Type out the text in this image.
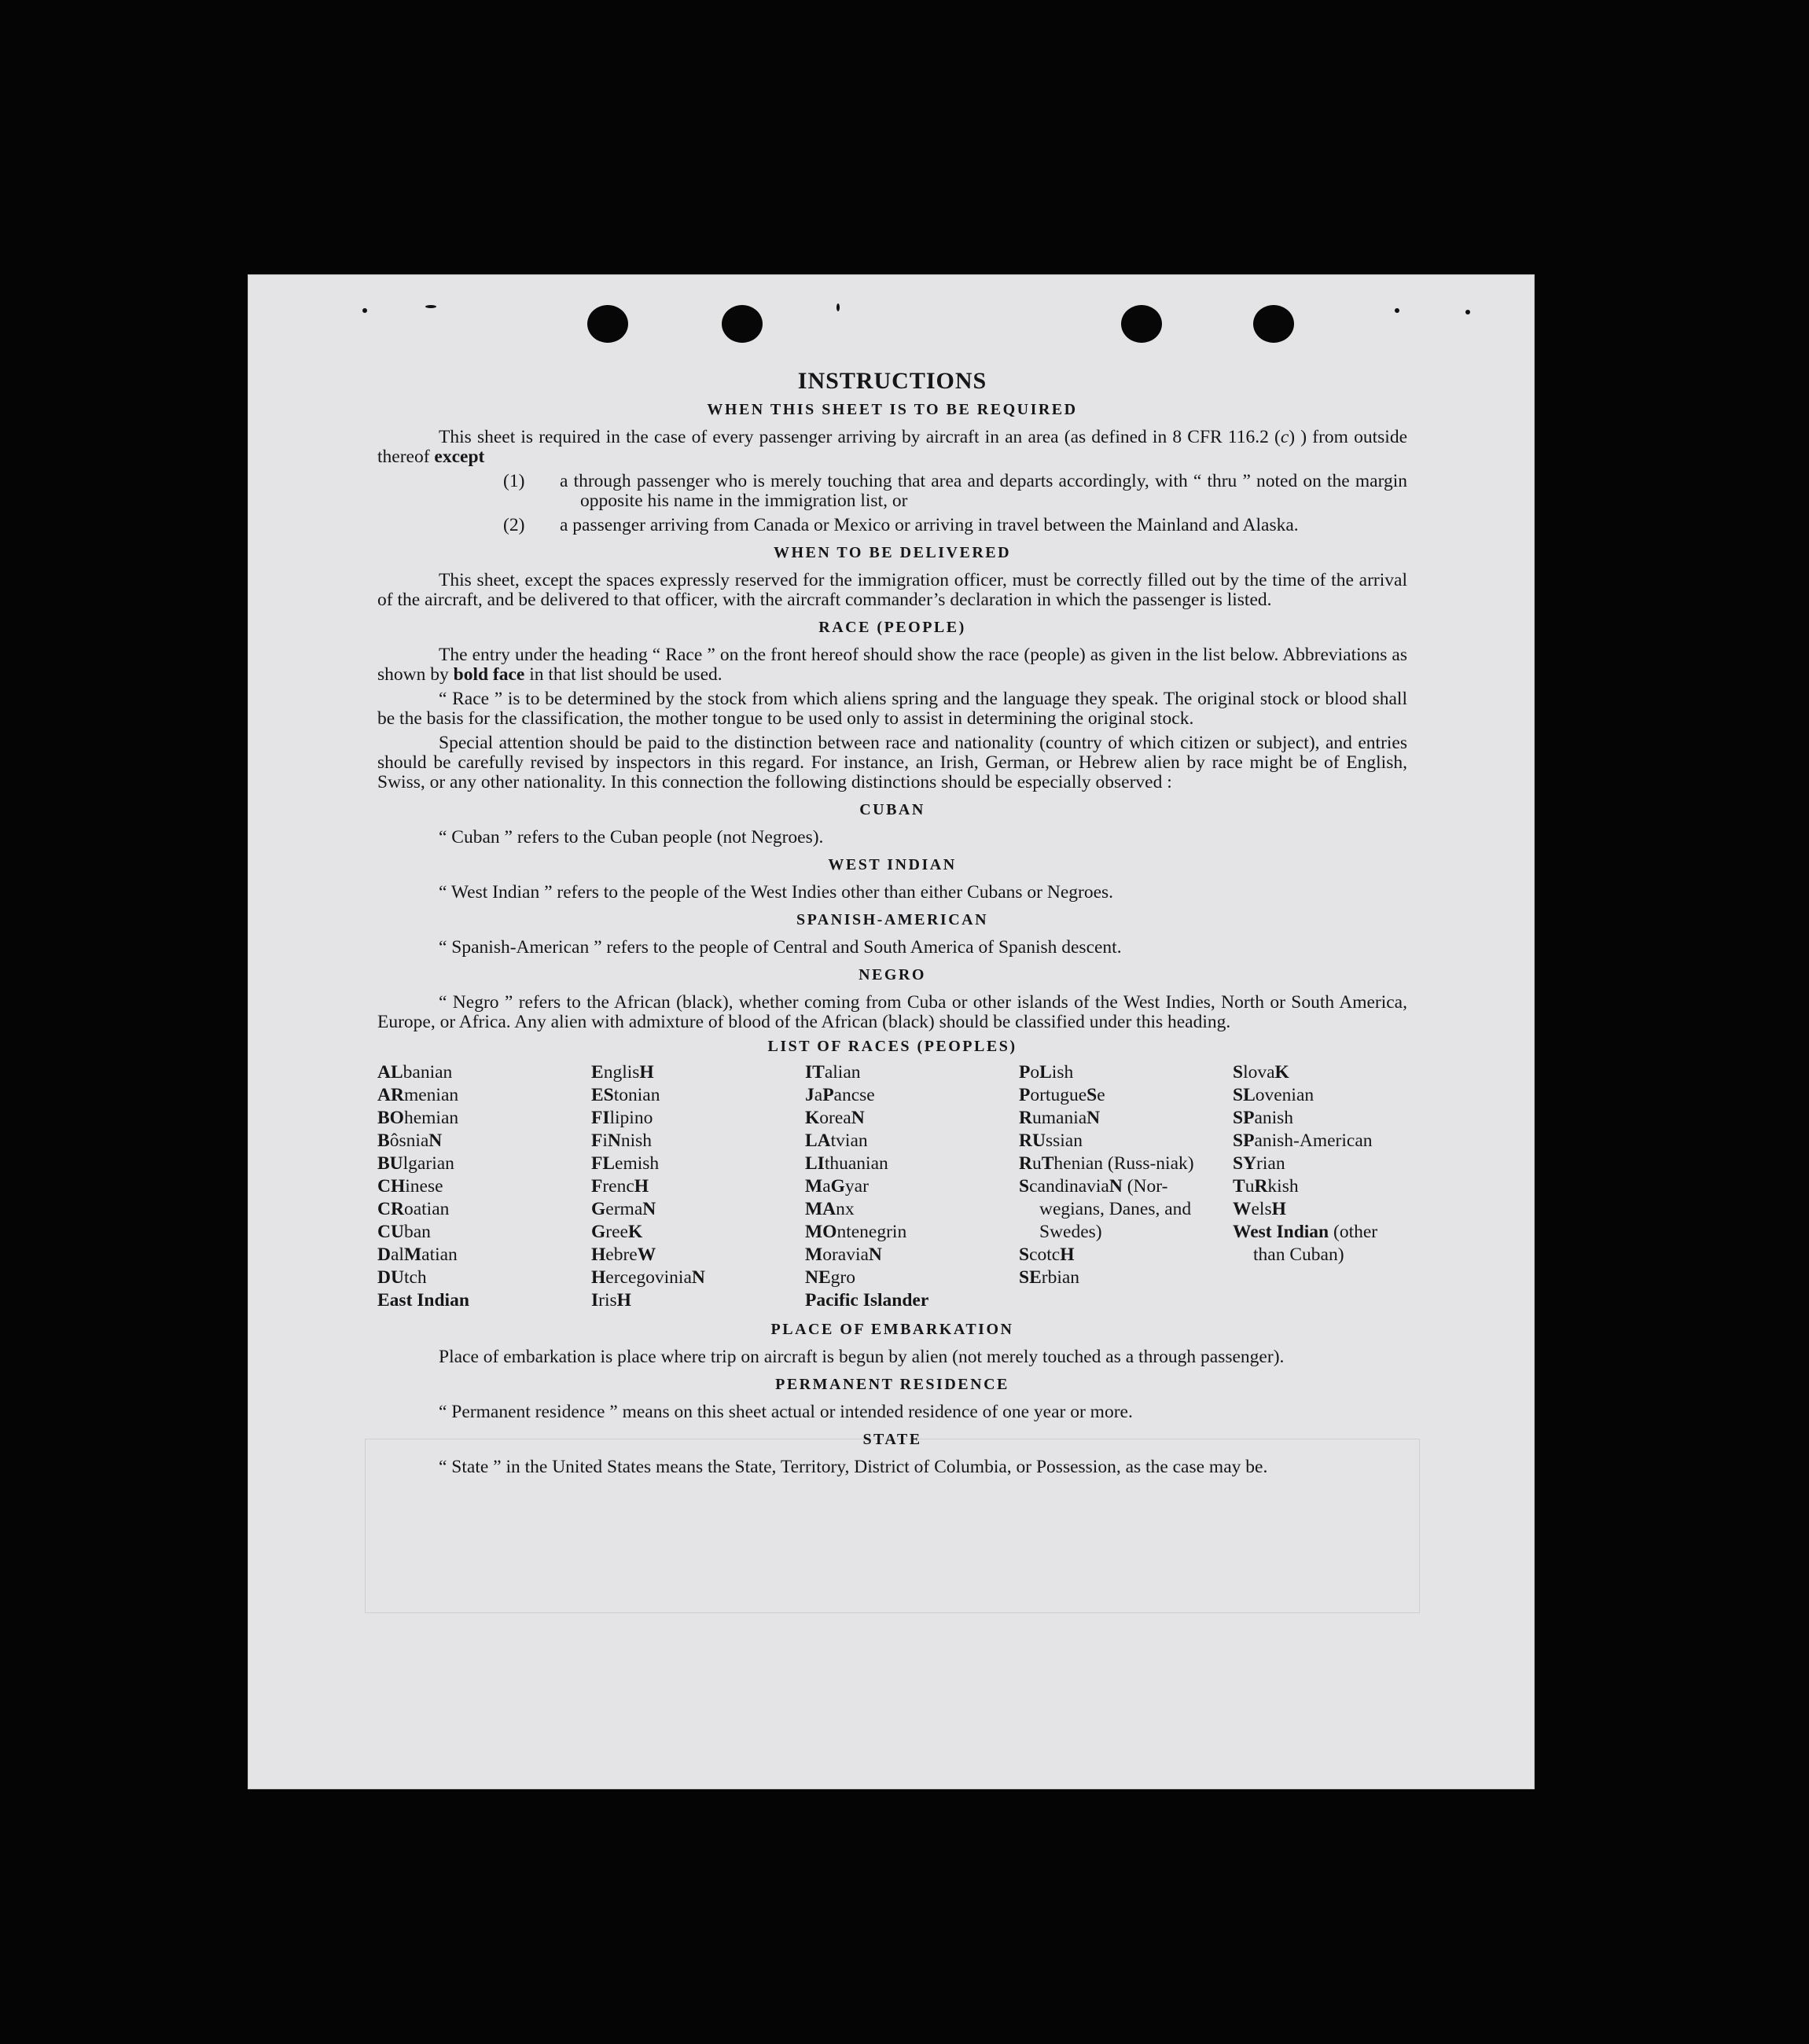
INSTRUCTIONS
WHEN THIS SHEET IS TO BE REQUIRED

This sheet is required in the case of every passenger arriving by aircraft in an area (as defined in 8 CFR 116.2 (c) ) from outside thereof except

(1)	a through passenger who is merely touching that area and departs accordingly, with “ thru ” noted on the margin opposite his name in the immigration list, or
(2)	a passenger arriving from Canada or Mexico or arriving in travel between the Mainland and Alaska.
WHEN TO BE DELIVERED

This sheet, except the spaces expressly reserved for the immigration officer, must be correctly filled out by the time of the arrival of the aircraft, and be delivered to that officer, with the aircraft commander’s declaration in which the passenger is listed.

RACE (PEOPLE)

The entry under the heading “ Race ” on the front hereof should show the race (people) as given in the list below. Abbreviations as shown by bold face in that list should be used.

“ Race ” is to be determined by the stock from which aliens spring and the language they speak. The original stock or blood shall be the basis for the classification, the mother tongue to be used only to assist in determining the original stock.

Special attention should be paid to the distinction between race and nationality (country of which citizen or subject), and entries should be carefully revised by inspectors in this regard. For instance, an Irish, German, or Hebrew alien by race might be of English, Swiss, or any other nationality. In this connection the following distinctions should be especially observed :

CUBAN

“ Cuban ” refers to the Cuban people (not Negroes).

WEST INDIAN

“ West Indian ” refers to the people of the West Indies other than either Cubans or Negroes.

SPANISH-AMERICAN

“ Spanish-American ” refers to the people of Central and South America of Spanish descent.

NEGRO

“ Negro ” refers to the African (black), whether coming from Cuba or other islands of the West Indies, North or South America, Europe, or Africa. Any alien with admixture of blood of the African (black) should be classified under this heading.

LIST OF RACES (PEOPLES)
ALbanian
ARmenian
BOhemian
BôsniaN
BUlgarian
CHinese
CRoatian
CUban
DalMatian
DUtch
East Indian
EnglisH
EStonian
FIlipino
FiNnish
FLemish
FrencH
GermaN
GreeK
HebreW
HercegoviniaN
IrisH
ITalian
JaPancse
KoreaN
LAtvian
LIthuanian
MaGyar
MAnx
MOntenegrin
MoraviaN
NEgro
Pacific Islander
PoLish
PortugueSe
RumaniaN
RUssian
RuThenian (Russ-niak)
ScandinaviaN (Nor-wegians, Danes, and Swedes)
ScotcH
SErbian
SlovaK
SLovenian
SPanish
SPanish-American
SYrian
TuRkish
WelsH
West Indian (other than Cuban)
PLACE OF EMBARKATION

Place of embarkation is place where trip on aircraft is begun by alien (not merely touched as a through passenger).

PERMANENT RESIDENCE

“ Permanent residence ” means on this sheet actual or intended residence of one year or more.

STATE

“ State ” in the United States means the State, Territory, District of Columbia, or Possession, as the case may be.
